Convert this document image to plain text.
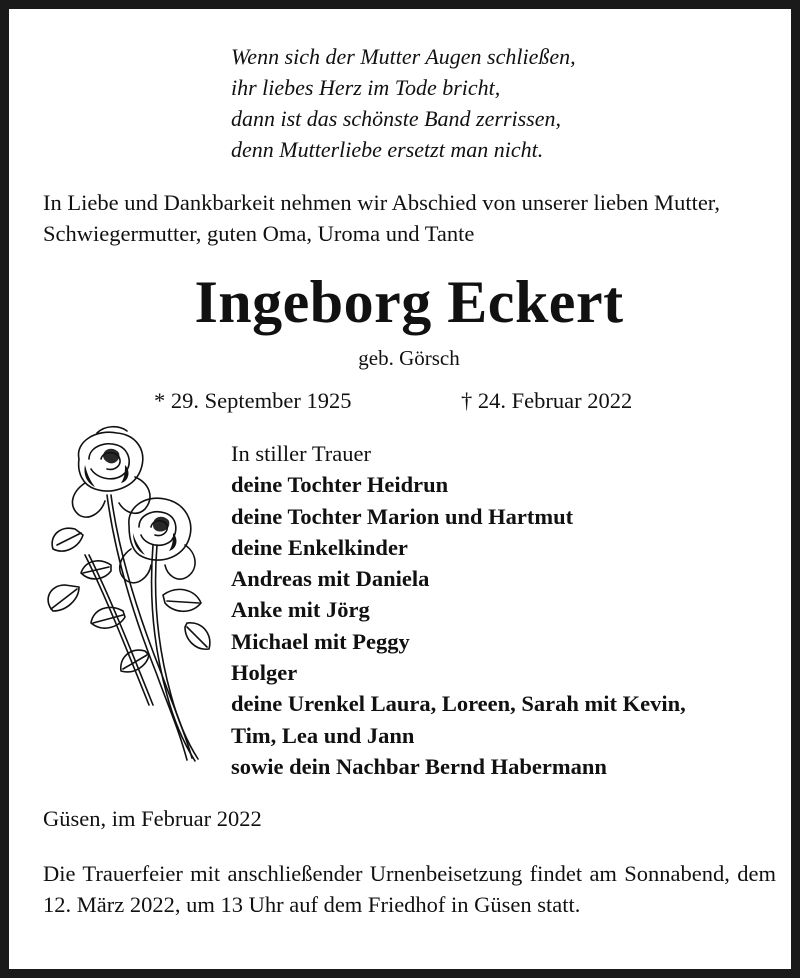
Wenn sich der Mutter Augen schließen,
ihr liebes Herz im Tode bricht,
dann ist das schönste Band zerrissen,
denn Mutterliebe ersetzt man nicht.
In Liebe und Dankbarkeit nehmen wir Abschied von unserer lieben Mutter, Schwiegermutter, guten Oma, Uroma und Tante
Ingeborg Eckert
geb. Görsch
* 29. September 1925	† 24. Februar 2022
In stiller Trauer
deine Tochter Heidrun
deine Tochter Marion und Hartmut
deine Enkelkinder
Andreas mit Daniela
Anke mit Jörg
Michael mit Peggy
Holger
deine Urenkel Laura, Loreen, Sarah mit Kevin,
Tim, Lea und Jann
sowie dein Nachbar Bernd Habermann
Güsen, im Februar 2022
Die Trauerfeier mit anschließender Urnenbeisetzung findet am Sonnabend, dem 12. März 2022, um 13 Uhr auf dem Friedhof in Güsen statt.
